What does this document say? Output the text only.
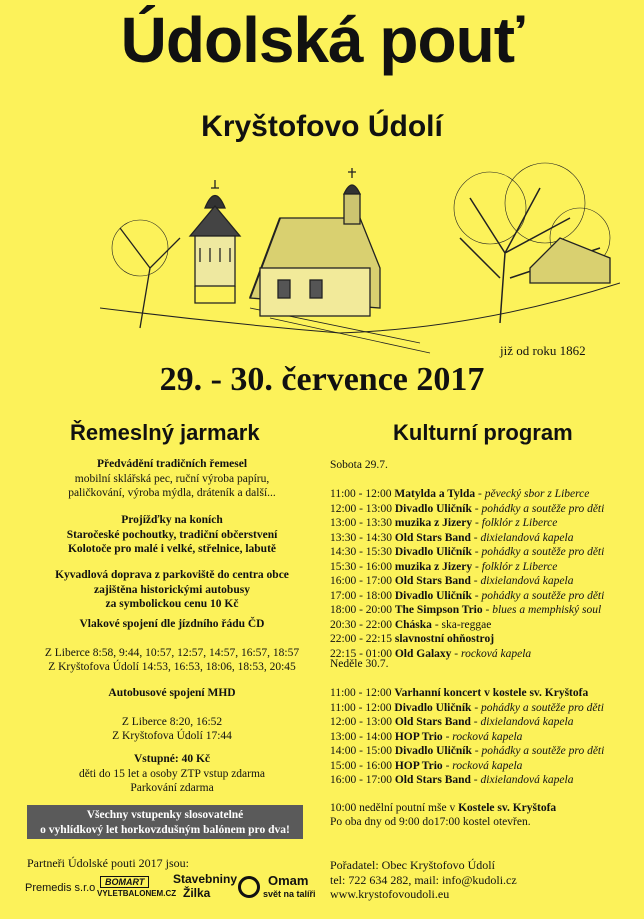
Údolská pouť
Kryštofovo Údolí
již od roku 1862
29. - 30. července 2017
Řemeslný jarmark	Kulturní program
Předvádění tradičních řemesel
mobilní sklářská pec, ruční výroba papíru,
paličkování, výroba mýdla, dráteník a další...
Projížďky na koních
Staročeské pochoutky, tradiční občerstvení
Kolotoče pro malé i velké, střelnice, labutě
Kyvadlová doprava z parkoviště do centra obce
zajištěna historickými autobusy
za symbolickou cenu 10 Kč
Vlakové spojení dle jízdního řádu ČD
Z Liberce 8:58, 9:44, 10:57, 12:57, 14:57, 16:57, 18:57
Z Kryštofova Údolí 14:53, 16:53, 18:06, 18:53, 20:45
Autobusové spojení MHD
Z Liberce 8:20, 16:52
Z Kryštofova Údolí 17:44
Vstupné: 40 Kč
děti do 15 let a osoby ZTP vstup zdarma
Parkování zdarma
Všechny vstupenky slosovatelné
o vyhlídkový let horkovzdušným balónem pro dva!
Sobota 29.7.
11:00 - 12:00 Matylda a Tylda - pěvecký sbor z Liberce
12:00 - 13:00 Divadlo Uličník - pohádky a soutěže pro děti
13:00 - 13:30 muzika z Jizery - folklór z Liberce
13:30 - 14:30 Old Stars Band - dixielandová kapela
14:30 - 15:30 Divadlo Uličník - pohádky a soutěže pro děti
15:30 - 16:00 muzika z Jizery - folklór z Liberce
16:00 - 17:00 Old Stars Band - dixielandová kapela
17:00 - 18:00 Divadlo Uličník - pohádky a soutěže pro děti
18:00 - 20:00 The Simpson Trio - blues a memphiský soul
20:30 - 22:00 Cháska - ska-reggae
22:00 - 22:15 slavnostní ohňostroj
22:15 - 01:00 Old Galaxy - rocková kapela
Neděle 30.7.
11:00 - 12:00 Varhanní koncert v kostele sv. Kryštofa
11:00 - 12:00 Divadlo Uličník - pohádky a soutěže pro děti
12:00 - 13:00 Old Stars Band - dixielandová kapela
13:00 - 14:00 HOP Trio - rocková kapela
14:00 - 15:00 Divadlo Uličník - pohádky a soutěže pro děti
15:00 - 16:00 HOP Trio - rocková kapela
16:00 - 17:00 Old Stars Band - dixielandová kapela
10:00 nedělní poutní mše v Kostele sv. Kryštofa
Po oba dny od 9:00 do17:00 kostel otevřen.
Partneři Údolské pouti 2017 jsou:
Premedis s.r.o	BOMART
VYLETBALONEM.CZ
Stavebniny
Žilka
Omam
svět na talíři
Pořadatel: Obec Kryštofovo Údolí
tel: 722 634 282, mail: info@kudoli.cz
www.krystofovoudoli.eu
